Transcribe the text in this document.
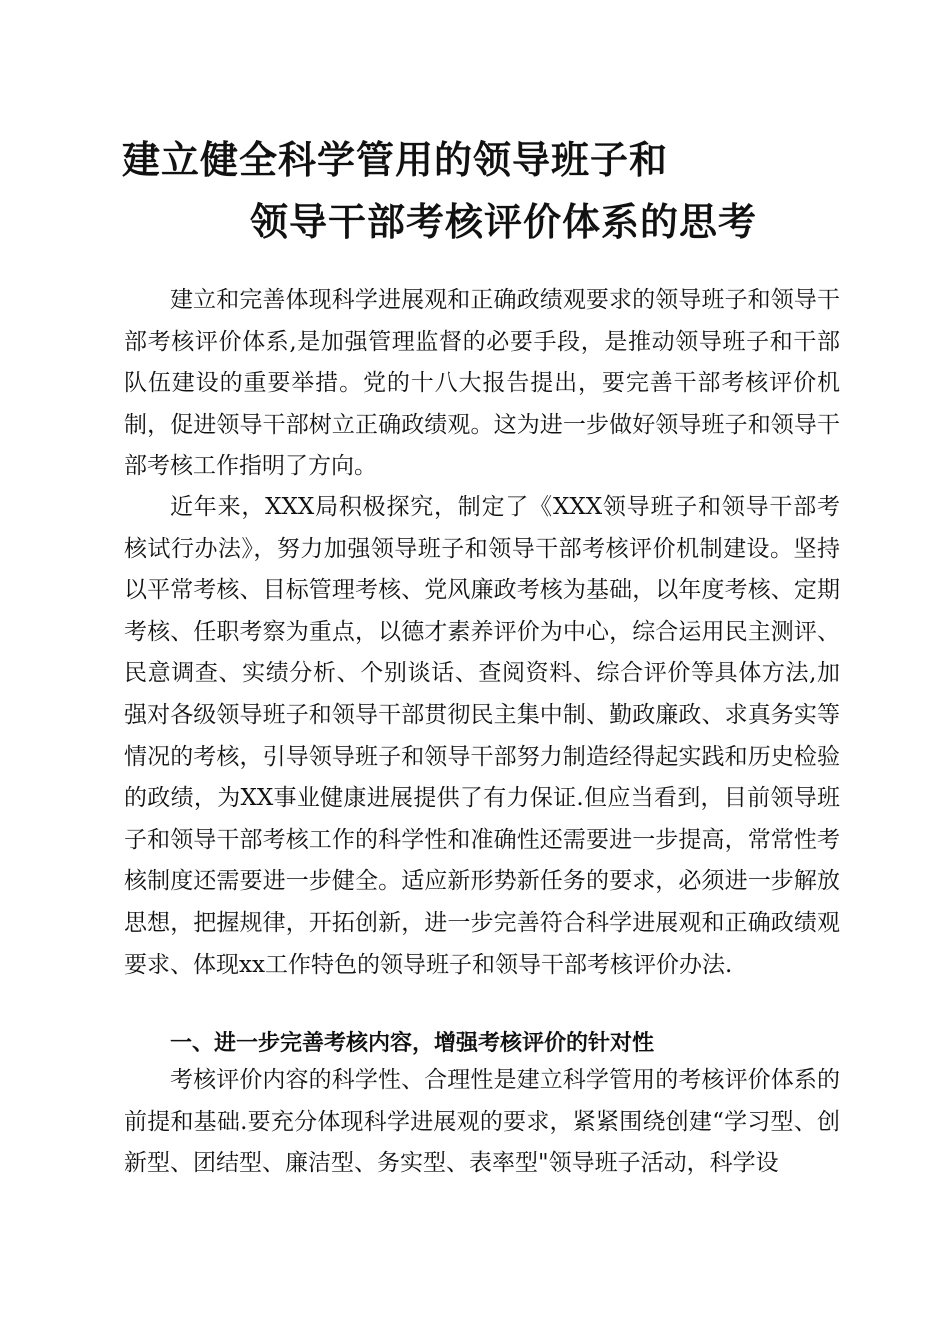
建立健全科学管用的领导班子和
领导干部考核评价体系的思考

建立和完善体现科学进展观和正确政绩观要求的领导班子和领导干部考核评价体系,是加强管理监督的必要手段，是推动领导班子和干部队伍建设的重要举措。党的十八大报告提出，要完善干部考核评价机制，促进领导干部树立正确政绩观。这为进一步做好领导班子和领导干部考核工作指明了方向。

近年来，XXX局积极探究，制定了《XXX领导班子和领导干部考核试行办法》，努力加强领导班子和领导干部考核评价机制建设。坚持以平常考核、目标管理考核、党风廉政考核为基础，以年度考核、定期考核、任职考察为重点，以德才素养评价为中心，综合运用民主测评、民意调查、实绩分析、个别谈话、查阅资料、综合评价等具体方法,加强对各级领导班子和领导干部贯彻民主集中制、勤政廉政、求真务实等情况的考核，引导领导班子和领导干部努力制造经得起实践和历史检验的政绩，为XX事业健康进展提供了有力保证.但应当看到，目前领导班子和领导干部考核工作的科学性和准确性还需要进一步提高，常常性考核制度还需要进一步健全。适应新形势新任务的要求，必须进一步解放思想，把握规律，开拓创新，进一步完善符合科学进展观和正确政绩观要求、体现xx工作特色的领导班子和领导干部考核评价办法.

一、进一步完善考核内容，增强考核评价的针对性

考核评价内容的科学性、合理性是建立科学管用的考核评价体系的前提和基础.要充分体现科学进展观的要求，紧紧围绕创建“学习型、创新型、团结型、廉洁型、务实型、表率型"领导班子活动，科学设
